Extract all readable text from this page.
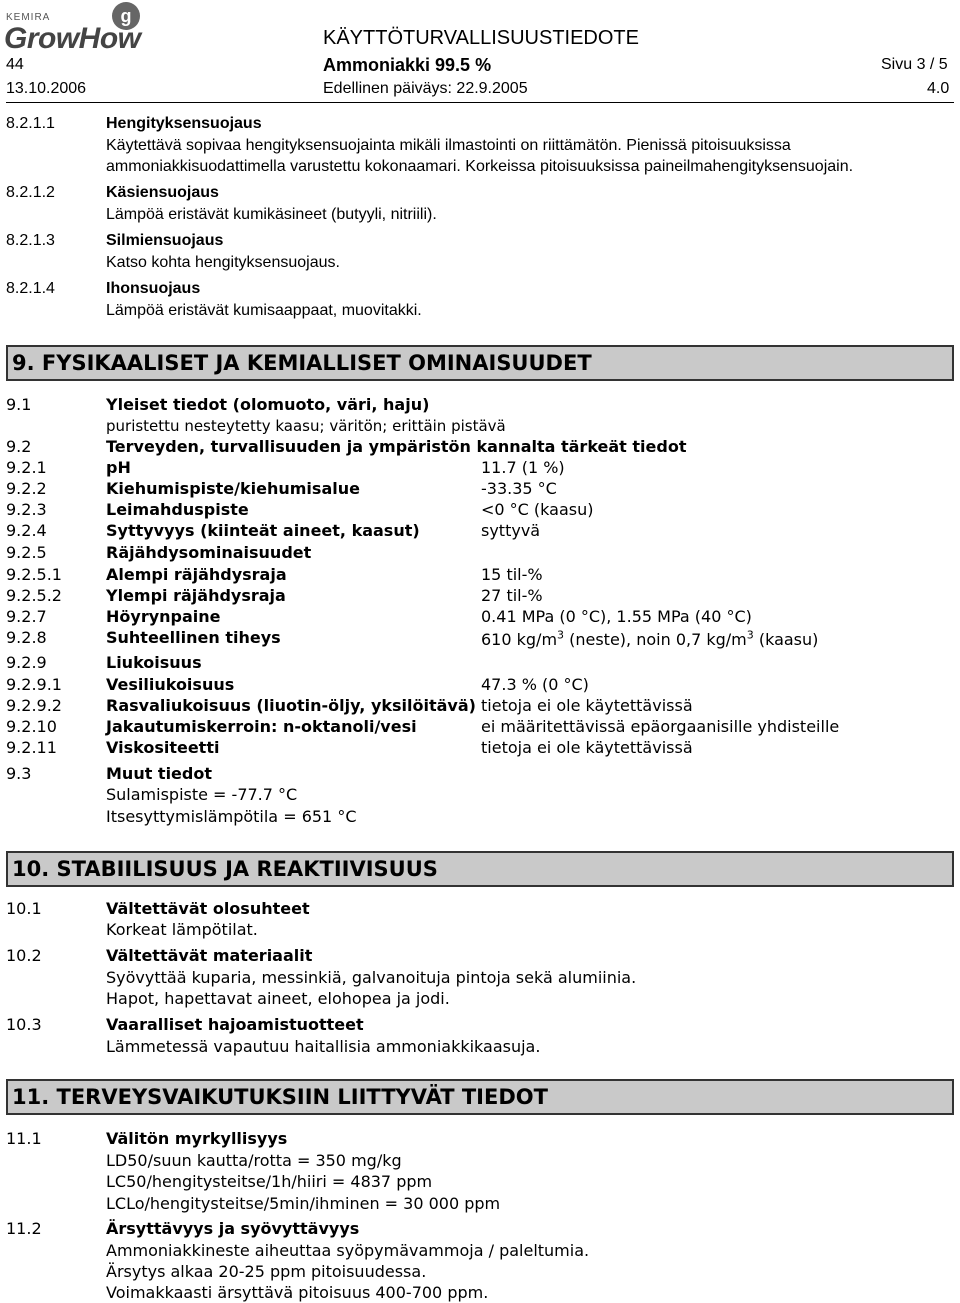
KEMIRA	g
GrowHow	KÄYTTÖTURVALLISUUSTIEDOTE
44	Ammoniakki 99.5 %	Sivu 3 / 5
13.10.2006	Edellinen päiväys: 22.9.2005	4.0
8.2.1.1	Hengityksensuojaus
Käytettävä sopivaa hengityksensuojainta mikäli ilmastointi on riittämätön. Pienissä pitoisuuksissa
ammoniakkisuodattimella varustettu kokonaamari. Korkeissa pitoisuuksissa paineilmahengityksensuojain.
8.2.1.2	Käsiensuojaus
Lämpöä eristävät kumikäsineet (butyyli, nitriili).
8.2.1.3	Silmiensuojaus
Katso kohta hengityksensuojaus.
8.2.1.4	Ihonsuojaus
Lämpöä eristävät kumisaappaat, muovitakki.
9. FYSIKAALISET JA KEMIALLISET OMINAISUUDET
9.1	Yleiset tiedot (olomuoto, väri, haju)
puristettu nesteytetty kaasu; väritön; erittäin pistävä
9.2	Terveyden, turvallisuuden ja ympäristön kannalta tärkeät tiedot
9.2.1	pH	11.7 (1 %)
9.2.2	Kiehumispiste/kiehumisalue	-33.35 °C
9.2.3	Leimahduspiste	<0 °C (kaasu)
9.2.4	Syttyvyys (kiinteät aineet, kaasut)	syttyvä
9.2.5	Räjähdysominaisuudet
9.2.5.1	Alempi räjähdysraja	15 til-%
9.2.5.2	Ylempi räjähdysraja	27 til-%
9.2.7	Höyrynpaine	0.41 MPa (0 °C), 1.55 MPa (40 °C)
9.2.8	Suhteellinen tiheys	610 $kg/m^3$ (neste), noin 0,7 $kg/m^3$ (kaasu)
9.2.9	Liukoisuus
9.2.9.1	Vesiliukoisuus	47.3 % (0 °C)
9.2.9.2	Rasvaliukoisuus (liuotin-öljy, yksilöitävä) tietoja ei ole käytettävissä
9.2.10	Jakautumiskerroin: n-oktanoli/vesi	ei määritettävissä epäorgaanisille yhdisteille
9.2.11	Viskositeetti	tietoja ei ole käytettävissä
9.3	Muut tiedot
Sulamispiste = -77.7 °C
Itsesyttymislämpötila = 651 °C
10. STABIILISUUS JA REAKTIIVISUUS
10.1	Vältettävät olosuhteet
Korkeat lämpötilat.
10.2	Vältettävät materiaalit
Syövyttää kuparia, messinkiä, galvanoituja pintoja sekä alumiinia.
Hapot, hapettavat aineet, elohopea ja jodi.
10.3	Vaaralliset hajoamistuotteet
Lämmetessä vapautuu haitallisia ammoniakkikaasuja.
11. TERVEYSVAIKUTUKSIIN LIITTYVÄT TIEDOT
11.1	Välitön myrkyllisyys
LD50/suun kautta/rotta = 350 mg/kg
LC50/hengitysteitse/1h/hiiri = 4837 ppm
LCLo/hengitysteitse/5min/ihminen = 30 000 ppm
11.2	Ärsyttävyys ja syövyttävyys
Ammoniakkineste aiheuttaa syöpymävammoja / paleltumia.
Ärsytys alkaa 20-25 ppm pitoisuudessa.
Voimakkaasti ärsyttävä pitoisuus 400-700 ppm.
